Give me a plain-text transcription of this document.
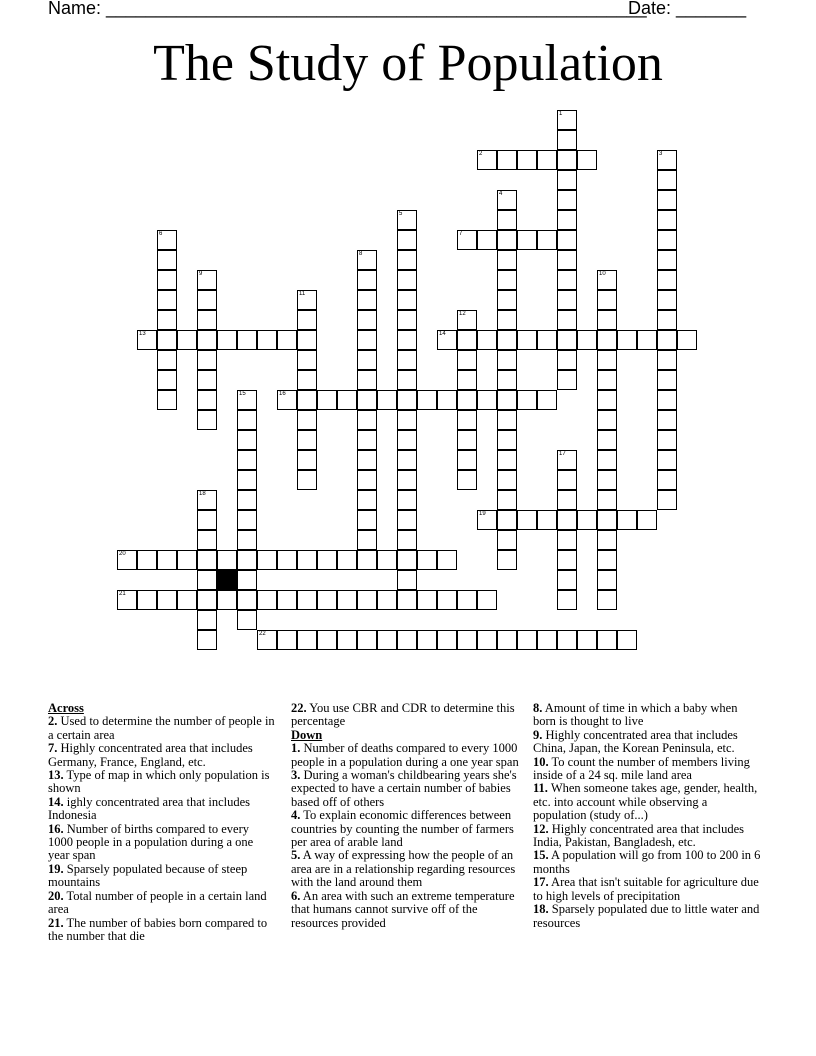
Name: ______________________________________________________
Date: _______
The Study of Population
2
7
13	14
16
19
20
21
22
1
3
4
5
6
8
9	10
11
12
15
17
18

Across

2. Used to determine the number of people in a certain area

7. Highly concentrated area that includes Germany, France, England, etc.

13. Type of map in which only population is shown

14. ighly concentrated area that includes Indonesia

16. Number of births compared to every 1000 people in a population during a one year span

19. Sparsely populated because of steep mountains

20. Total number of people in a certain land area

21. The number of babies born compared to the number that die

22. You use CBR and CDR to determine this percentage

Down

1. Number of deaths compared to every 1000 people in a population during a one year span

3. During a woman's childbearing years she's expected to have a certain number of babies based off of others

4. To explain economic differences between countries by counting the number of farmers per area of arable land

5. A way of expressing how the people of an area are in a relationship regarding resources with the land around them

6. An area with such an extreme temperature that humans cannot survive off of the resources provided

8. Amount of time in which a baby when born is thought to live

9. Highly concentrated area that includes China, Japan, the Korean Peninsula, etc.

10. To count the number of members living inside of a 24 sq. mile land area

11. When someone takes age, gender, health, etc. into account while observing a population (study of...)

12. Highly concentrated area that includes India, Pakistan, Bangladesh, etc.

15. A population will go from 100 to 200 in 6 months

17. Area that isn't suitable for agriculture due to high levels of precipitation

18. Sparsely populated due to little water and resources
